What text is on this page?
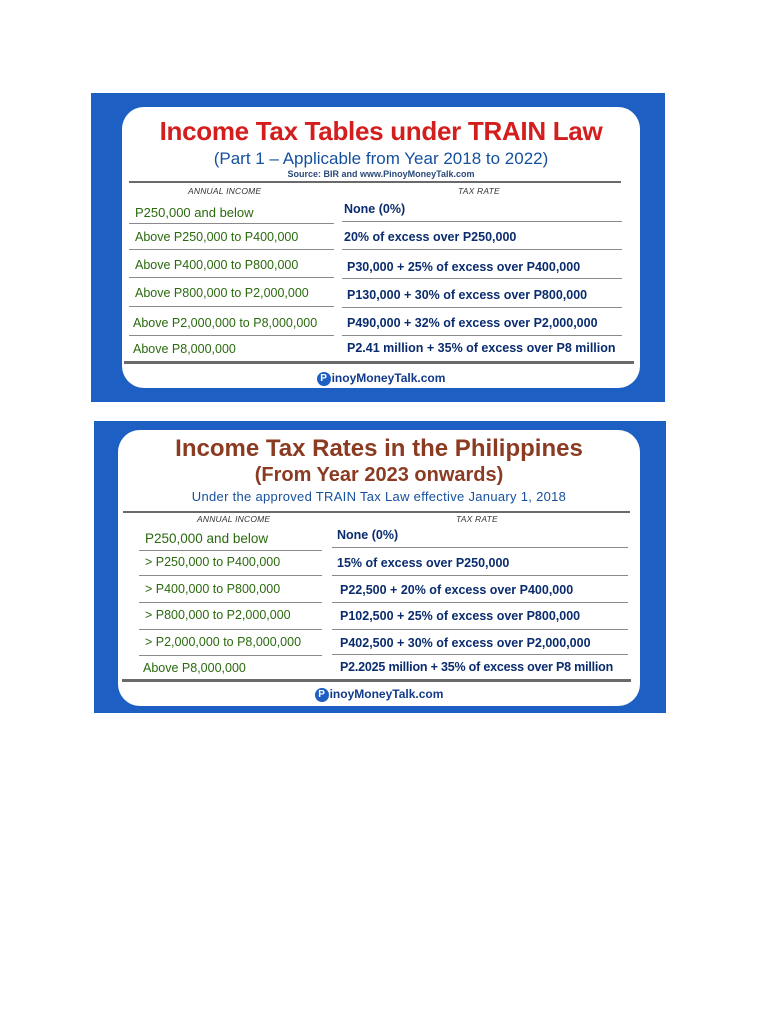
Income Tax Tables under TRAIN Law
(Part 1 – Applicable from Year 2018 to 2022)
Source: BIR and www.PinoyMoneyTalk.com
ANNUAL INCOME	TAX RATE
P250,000 and below	None (0%)
Above P250,000 to P400,000	20% of excess over P250,000
Above P400,000 to P800,000	P30,000 + 25% of excess over P400,000
Above P800,000 to P2,000,000	P130,000 + 30% of excess over P800,000
Above P2,000,000 to P8,000,000 P490,000 + 32% of excess over P2,000,000
Above P8,000,000	P2.41 million + 35% of excess over P8 million
P inoyMoneyTalk.com
Income Tax Rates in the Philippines
(From Year 2023 onwards)
Under the approved TRAIN Tax Law effective January 1, 2018
ANNUAL INCOME	TAX RATE
P250,000 and below	None (0%)
> P250,000 to P400,000	15% of excess over P250,000
> P400,000 to P800,000	P22,500 + 20% of excess over P400,000
> P800,000 to P2,000,000	P102,500 + 25% of excess over P800,000
> P2,000,000 to P8,000,000	P402,500 + 30% of excess over P2,000,000
Above P8,000,000	P2.2025 million + 35% of excess over P8 million
P inoyMoneyTalk.com
